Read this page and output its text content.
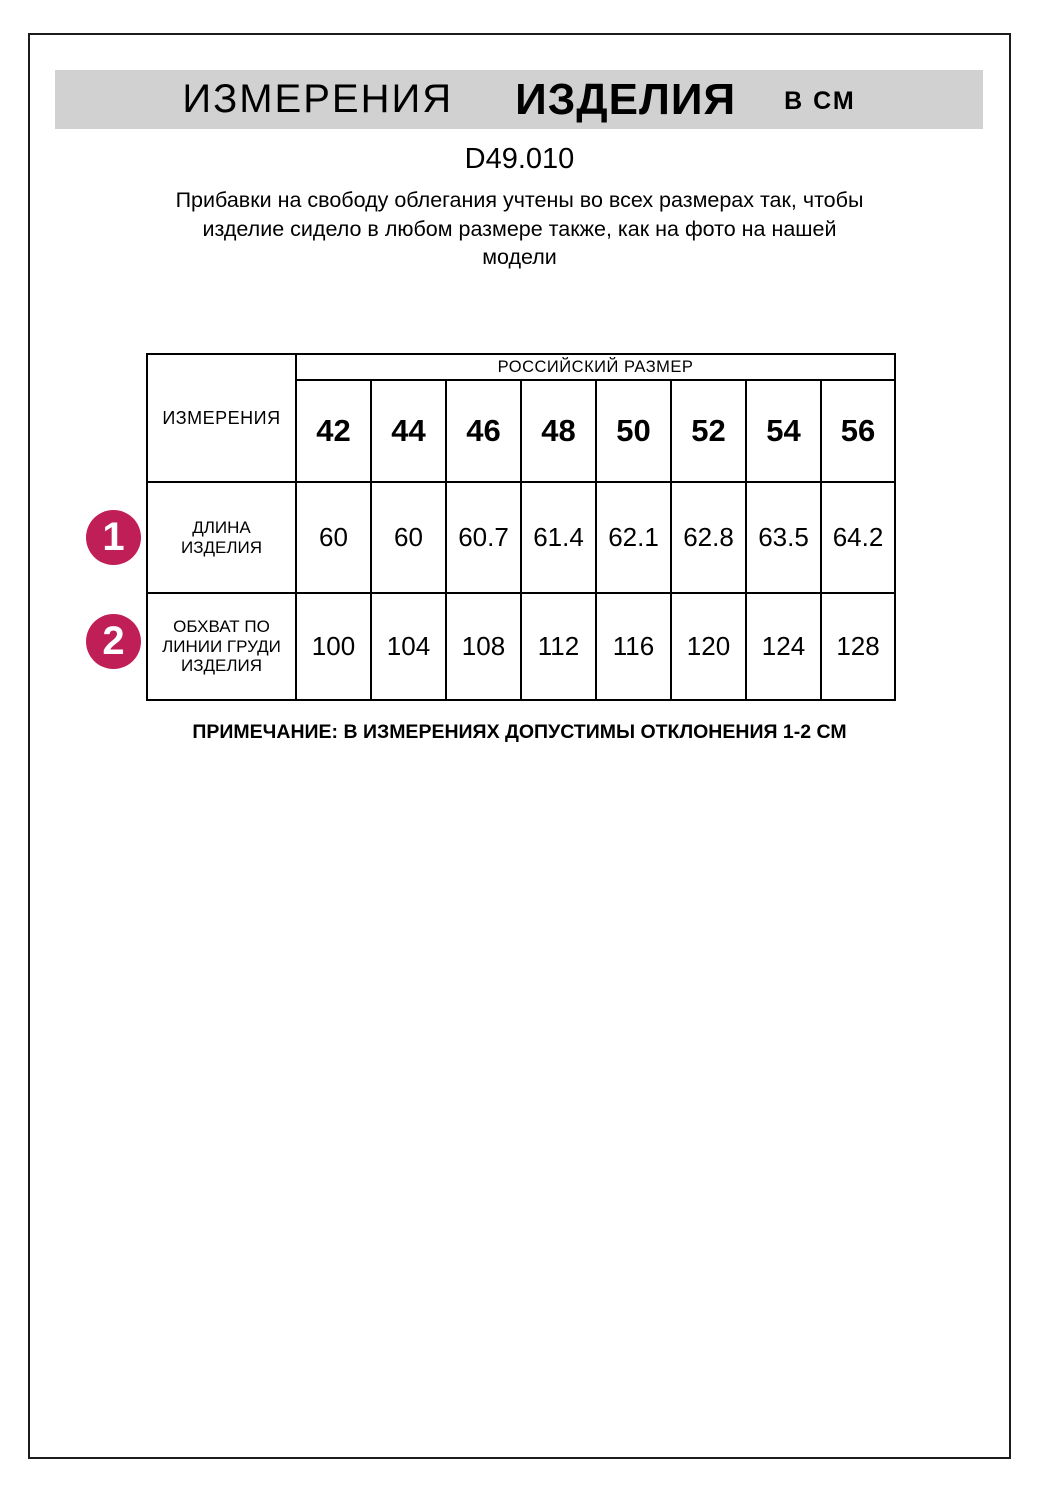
ИЗМЕРЕНИЯ ИЗДЕЛИЯ В СМ
D49.010
Прибавки на свободу облегания учтены во всех размерах так, чтобы
изделие сидело в любом размере также, как на фото на нашей
модели
ИЗМЕРЕНИЯ	РОССИЙСКИЙ РАЗМЕР							
	42	44	46	48	50	52	54	56
ДЛИНА ИЗДЕЛИЯ	60	60	60.7	61.4	62.1	62.8	63.5	64.2
ОБХВАТ ПО ЛИНИИ ГРУДИ ИЗДЕЛИЯ	100	104	108	112	116	120	124	128
1
2
ПРИМЕЧАНИЕ: В ИЗМЕРЕНИЯХ ДОПУСТИМЫ ОТКЛОНЕНИЯ 1-2 СМ
